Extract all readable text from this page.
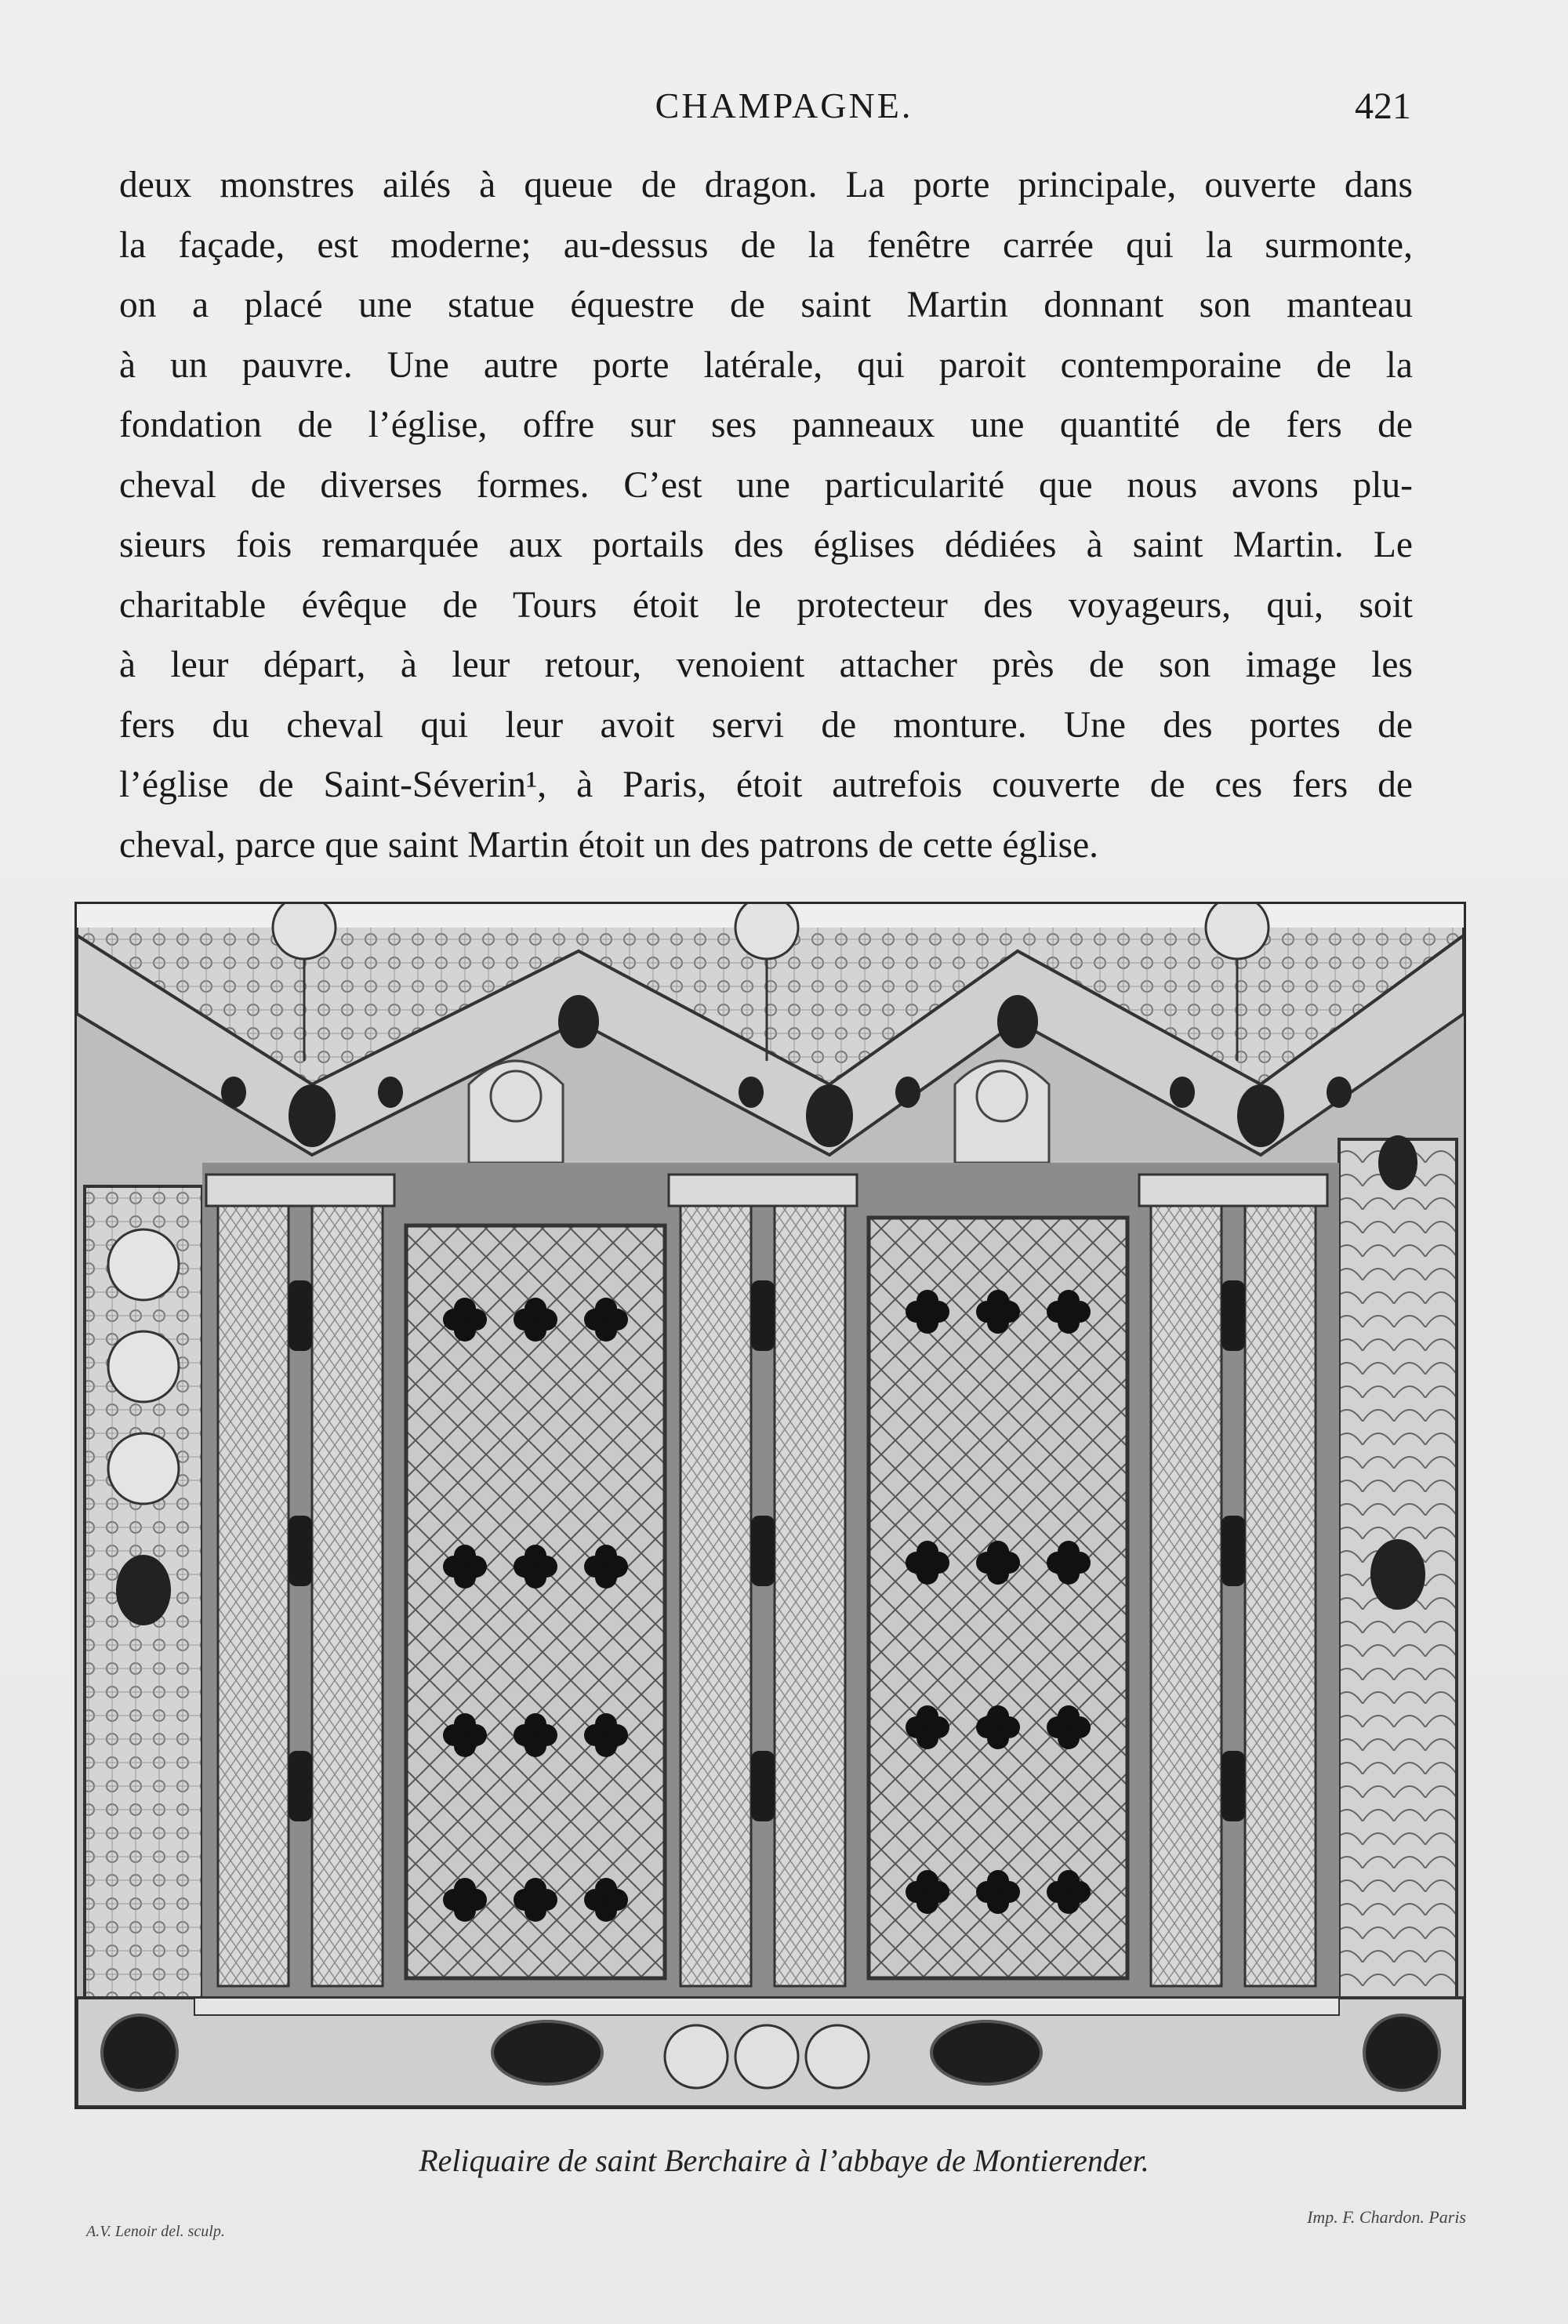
CHAMPAGNE.	421
deux monstres ailés à queue de dragon. La porte principale, ouverte dans
la façade, est moderne; au-dessus de la fenêtre carrée qui la surmonte,
on a placé une statue équestre de saint Martin donnant son manteau
à un pauvre. Une autre porte latérale, qui paroit contemporaine de la
fondation de l’église, offre sur ses panneaux une quantité de fers de
cheval de diverses formes. C’est une particularité que nous avons plu-
sieurs fois remarquée aux portails des églises dédiées à saint Martin. Le
charitable évêque de Tours étoit le protecteur des voyageurs, qui, soit
à leur départ, à leur retour, venoient attacher près de son image les
fers du cheval qui leur avoit servi de monture. Une des portes de
l’église de Saint-Séverin¹, à Paris, étoit autrefois couverte de ces fers de
cheval, parce que saint Martin étoit un des patrons de cette église.
Reliquaire de saint Berchaire à l’abbaye de Montierender.
A.V. Lenoir del. sculp.
Imp. F. Chardon. Paris
